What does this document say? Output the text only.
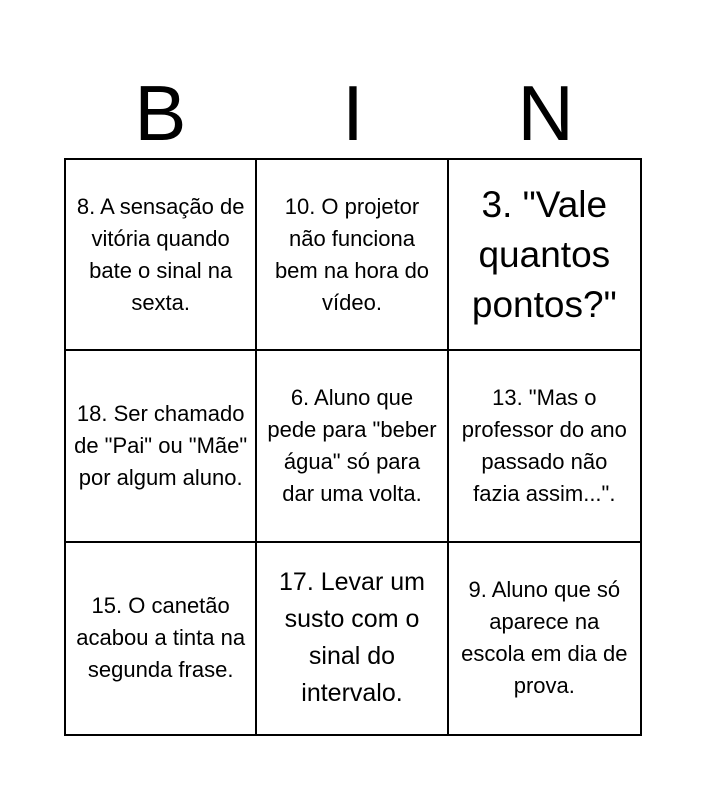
B	I	N
8. A sensação de vitória quando bate o sinal na sexta.
10. O projetor não funciona bem na hora do vídeo.
3. "Vale quantos pontos?"
18. Ser chamado de "Pai" ou "Mãe" por algum aluno.
6. Aluno que pede para "beber água" só para dar uma volta.
13. "Mas o professor do ano passado não fazia assim...".
15. O canetão acabou a tinta na segunda frase.
17. Levar um susto com o sinal do intervalo.
9. Aluno que só aparece na escola em dia de prova.
